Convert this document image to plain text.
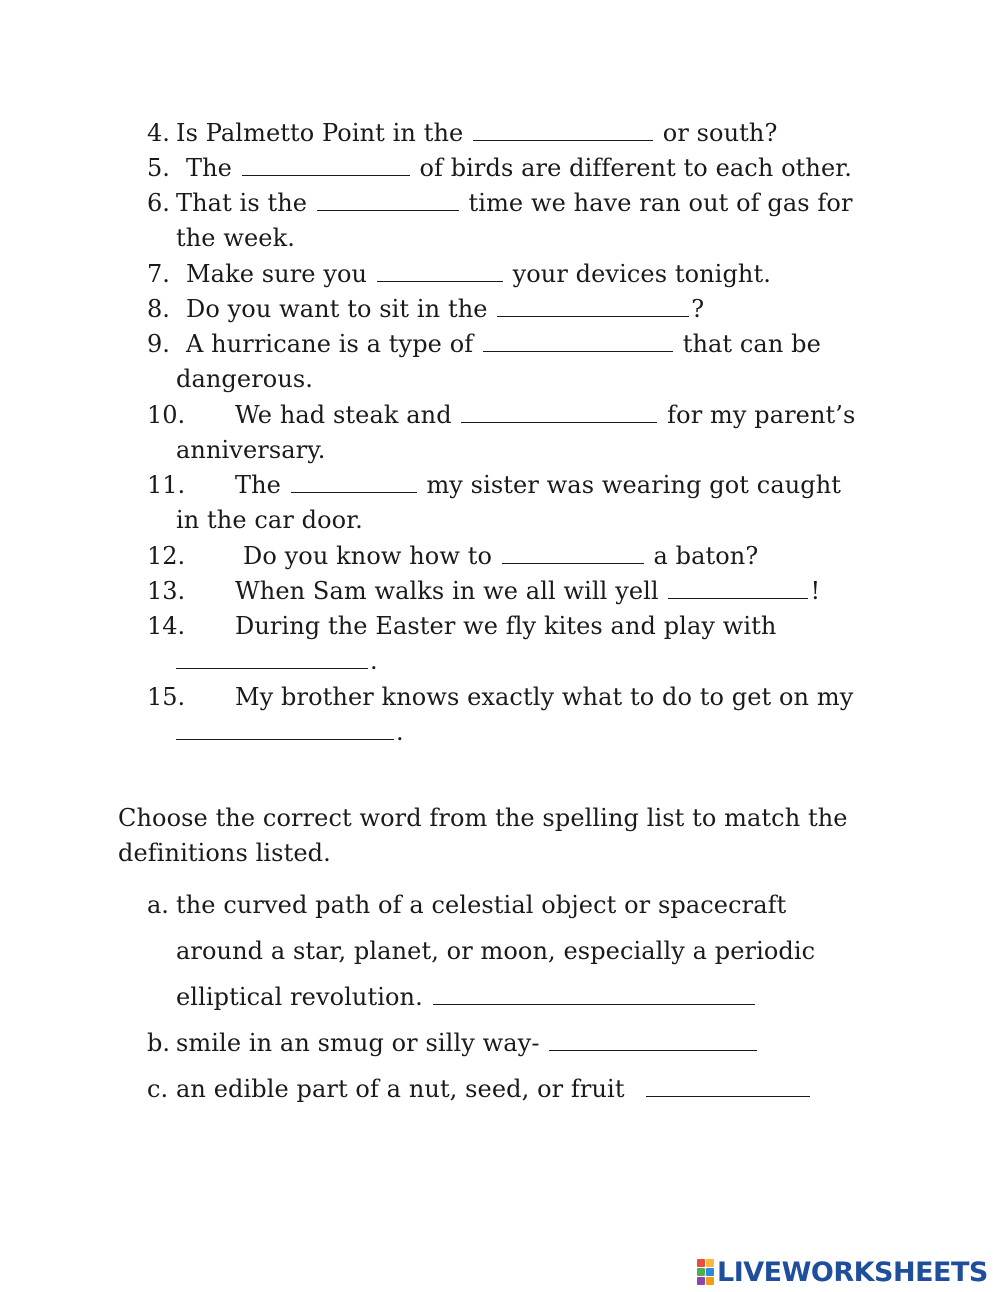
4. Is Palmetto Point in the	or south?
5. The	of birds are different to each other.
6. That is the	time we have ran out of gas for
the week.
7. Make sure you	your devices tonight.
8. Do you want to sit in the	?
9. A hurricane is a type of	that can be
dangerous.
10. We had steak and	for my parent’s
anniversary.
11. The	my sister was wearing got caught
in the car door.
12. Do you know how to	a baton?
13. When Sam walks in we all will yell	!
14. During the Easter we fly kites and play with
.
15. My brother knows exactly what to do to get on my
.
Choose the correct word from the spelling list to match the
definitions listed.
a. the curved path of a celestial object or spacecraft
around a star, planet, or moon, especially a periodic
elliptical revolution.
b. smile in an smug or silly way-
c. an edible part of a nut, seed, or fruit
LIVEWORKSHEETS
